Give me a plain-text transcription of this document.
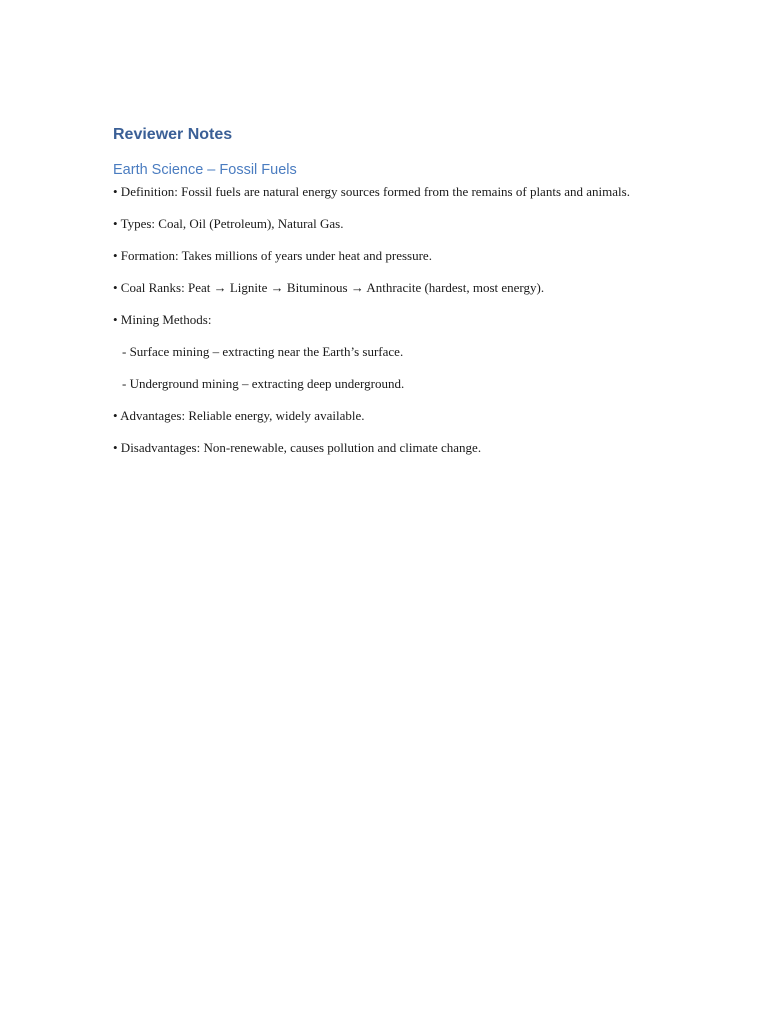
Reviewer Notes
Earth Science – Fossil Fuels
• Definition: Fossil fuels are natural energy sources formed from the remains of plants and animals.
• Types: Coal, Oil (Petroleum), Natural Gas.
• Formation: Takes millions of years under heat and pressure.
• Coal Ranks: Peat → Lignite → Bituminous → Anthracite (hardest, most energy).
• Mining Methods:
- Surface mining – extracting near the Earth’s surface.
- Underground mining – extracting deep underground.
• Advantages: Reliable energy, widely available.
• Disadvantages: Non-renewable, causes pollution and climate change.
